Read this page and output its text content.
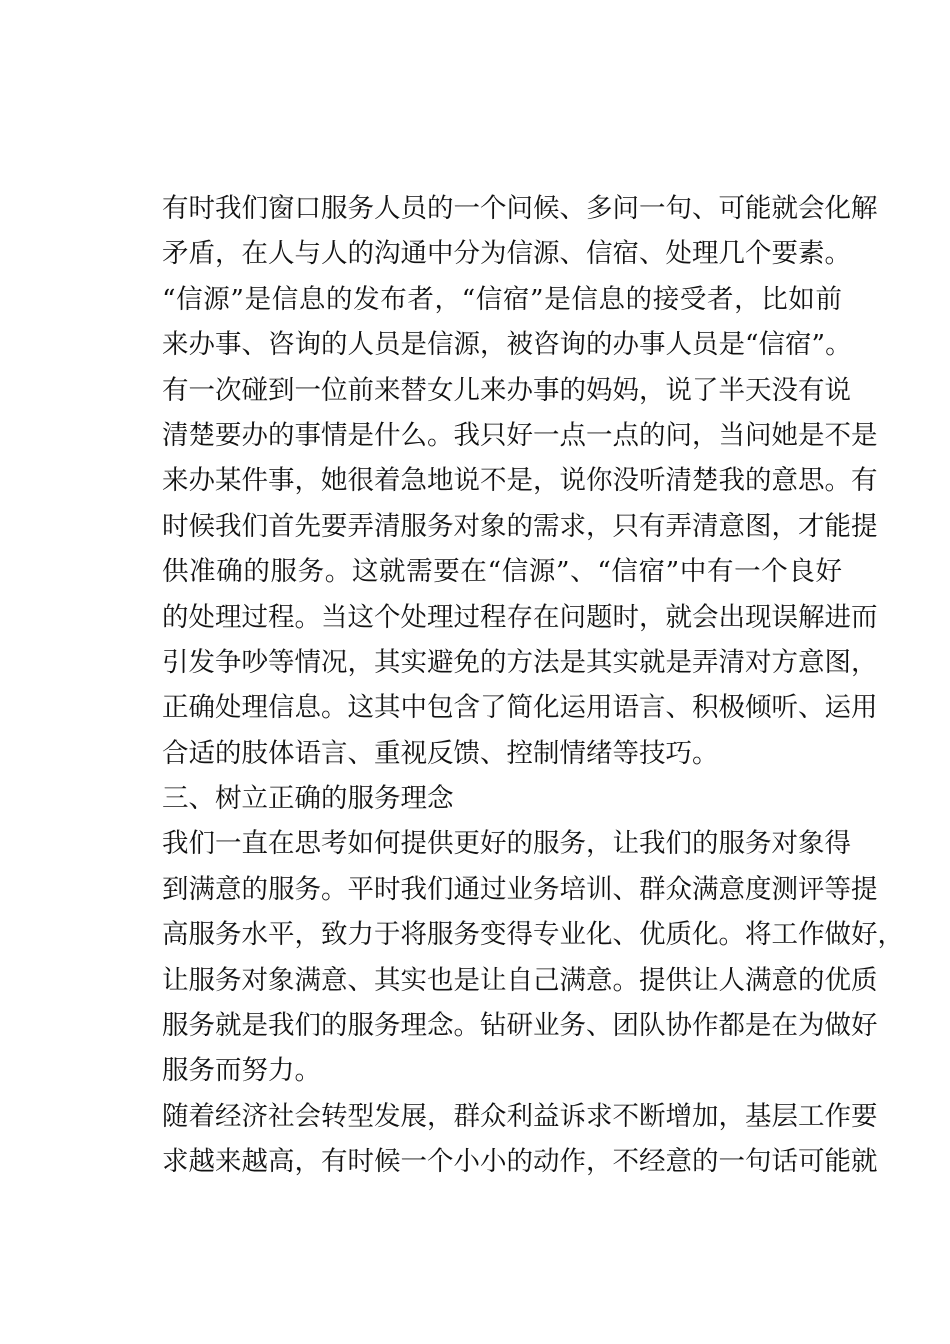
有时我们窗口服务人员的一个问候、多问一句、可能就会化解
矛盾，在人与人的沟通中分为信源、信宿、处理几个要素。
“信源”是信息的发布者，“信宿”是信息的接受者，比如前
来办事、咨询的人员是信源，被咨询的办事人员是“信宿”。
有一次碰到一位前来替女儿来办事的妈妈，说了半天没有说
清楚要办的事情是什么。我只好一点一点的问，当问她是不是
来办某件事，她很着急地说不是，说你没听清楚我的意思。有
时候我们首先要弄清服务对象的需求，只有弄清意图，才能提
供准确的服务。这就需要在“信源”、“信宿”中有一个良好
的处理过程。当这个处理过程存在问题时，就会出现误解进而
引发争吵等情况，其实避免的方法是其实就是弄清对方意图，
正确处理信息。这其中包含了简化运用语言、积极倾听、运用
合适的肢体语言、重视反馈、控制情绪等技巧。
三、树立正确的服务理念
我们一直在思考如何提供更好的服务，让我们的服务对象得
到满意的服务。平时我们通过业务培训、群众满意度测评等提
高服务水平，致力于将服务变得专业化、优质化。将工作做好，
让服务对象满意、其实也是让自己满意。提供让人满意的优质
服务就是我们的服务理念。钻研业务、团队协作都是在为做好
服务而努力。
随着经济社会转型发展，群众利益诉求不断增加，基层工作要
求越来越高，有时候一个小小的动作，不经意的一句话可能就
